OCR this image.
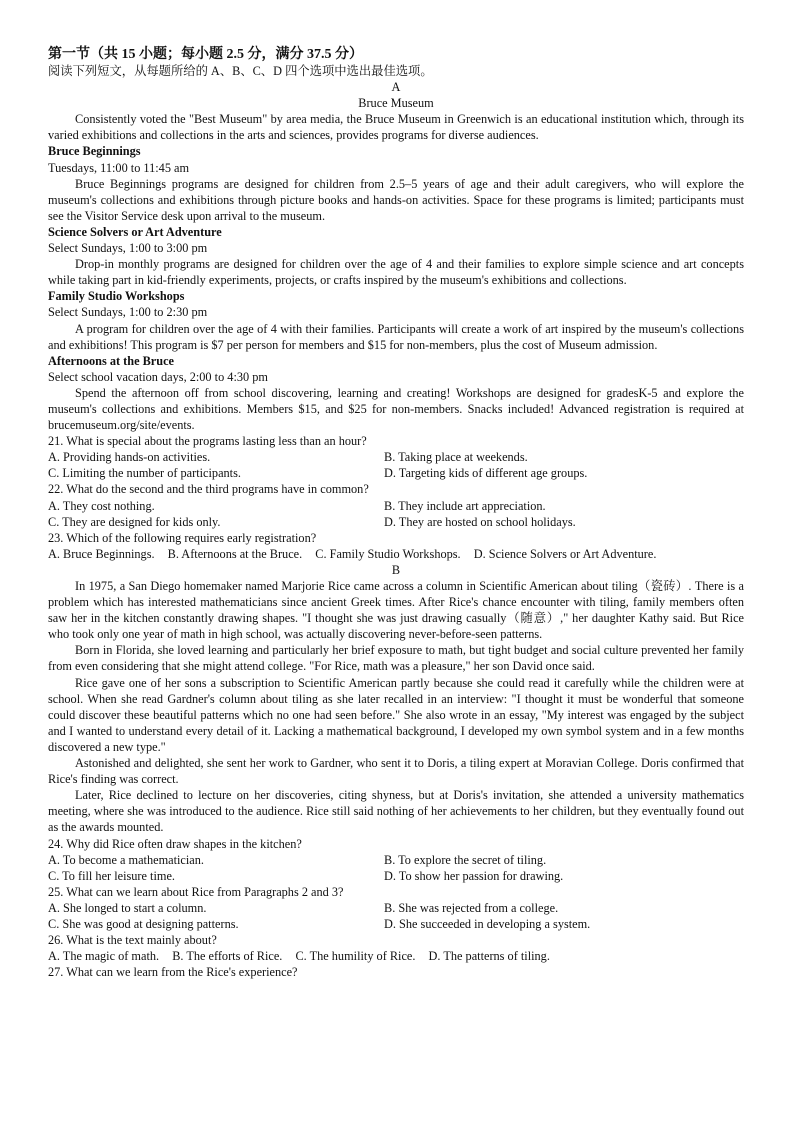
第一节（共 15 小题；每小题 2.5 分，满分 37.5 分）

阅读下列短文，从每题所给的 A、B、C、D 四个选项中选出最佳选项。

A

Bruce Museum

Consistently voted the "Best Museum" by area media, the Bruce Museum in Greenwich is an educational institution which, through its varied exhibitions and collections in the arts and sciences, provides programs for diverse audiences.

Bruce Beginnings

Tuesdays, 11:00 to 11:45 am

Bruce Beginnings programs are designed for children from 2.5–5 years of age and their adult caregivers, who will explore the museum's collections and exhibitions through picture books and hands-on activities. Space for these programs is limited; participants must see the Visitor Service desk upon arrival to the museum.

Science Solvers or Art Adventure

Select Sundays, 1:00 to 3:00 pm

Drop-in monthly programs are designed for children over the age of 4 and their families to explore simple science and art concepts while taking part in kid-friendly experiments, projects, or crafts inspired by the museum's exhibitions and collections.

Family Studio Workshops

Select Sundays, 1:00 to 2:30 pm

A program for children over the age of 4 with their families. Participants will create a work of art inspired by the museum's collections and exhibitions! This program is $7 per person for members and $15 for non-members, plus the cost of Museum admission.

Afternoons at the Bruce

Select school vacation days, 2:00 to 4:30 pm

Spend the afternoon off from school discovering, learning and creating! Workshops are designed for gradesK-5 and explore the museum's collections and exhibitions. Members $15, and $25 for non-members. Snacks included! Advanced registration is required at brucemuseum.org/site/events.

21. What is special about the programs lasting less than an hour?

A. Providing hands-on activities.	B. Taking place at weekends.
C. Limiting the number of participants.	D. Targeting kids of different age groups.

22. What do the second and the third programs have in common?

A. They cost nothing.	B. They include art appreciation.
C. They are designed for kids only.	D. They are hosted on school holidays.

23. Which of the following requires early registration?

A. Bruce Beginnings. B. Afternoons at the Bruce. C. Family Studio Workshops. D. Science Solvers or Art Adventure.

B

In 1975, a San Diego homemaker named Marjorie Rice came across a column in Scientific American about tiling（瓷砖）. There is a problem which has interested mathematicians since ancient Greek times. After Rice's chance encounter with tiling, family members often saw her in the kitchen constantly drawing shapes. "I thought she was just drawing casually（随意）," her daughter Kathy said. But Rice who took only one year of math in high school, was actually discovering never-before-seen patterns.

Born in Florida, she loved learning and particularly her brief exposure to math, but tight budget and social culture prevented her family from even considering that she might attend college. "For Rice, math was a pleasure," her son David once said.

Rice gave one of her sons a subscription to Scientific American partly because she could read it carefully while the children were at school. When she read Gardner's column about tiling as she later recalled in an interview: "I thought it must be wonderful that someone could discover these beautiful patterns which no one had seen before." She also wrote in an essay, "My interest was engaged by the subject and I wanted to understand every detail of it. Lacking a mathematical background, I developed my own symbol system and in a few months discovered a new type."

Astonished and delighted, she sent her work to Gardner, who sent it to Doris, a tiling expert at Moravian College. Doris confirmed that Rice's finding was correct.

Later, Rice declined to lecture on her discoveries, citing shyness, but at Doris's invitation, she attended a university mathematics meeting, where she was introduced to the audience. Rice still said nothing of her achievements to her children, but they eventually found out as the awards mounted.

24. Why did Rice often draw shapes in the kitchen?

A. To become a mathematician.	B. To explore the secret of tiling.
C. To fill her leisure time.	D. To show her passion for drawing.

25. What can we learn about Rice from Paragraphs 2 and 3?

A. She longed to start a column.	B. She was rejected from a college.
C. She was good at designing patterns.	D. She succeeded in developing a system.

26. What is the text mainly about?

A. The magic of math. B. The efforts of Rice. C. The humility of Rice. D. The patterns of tiling.

27. What can we learn from the Rice's experience?
